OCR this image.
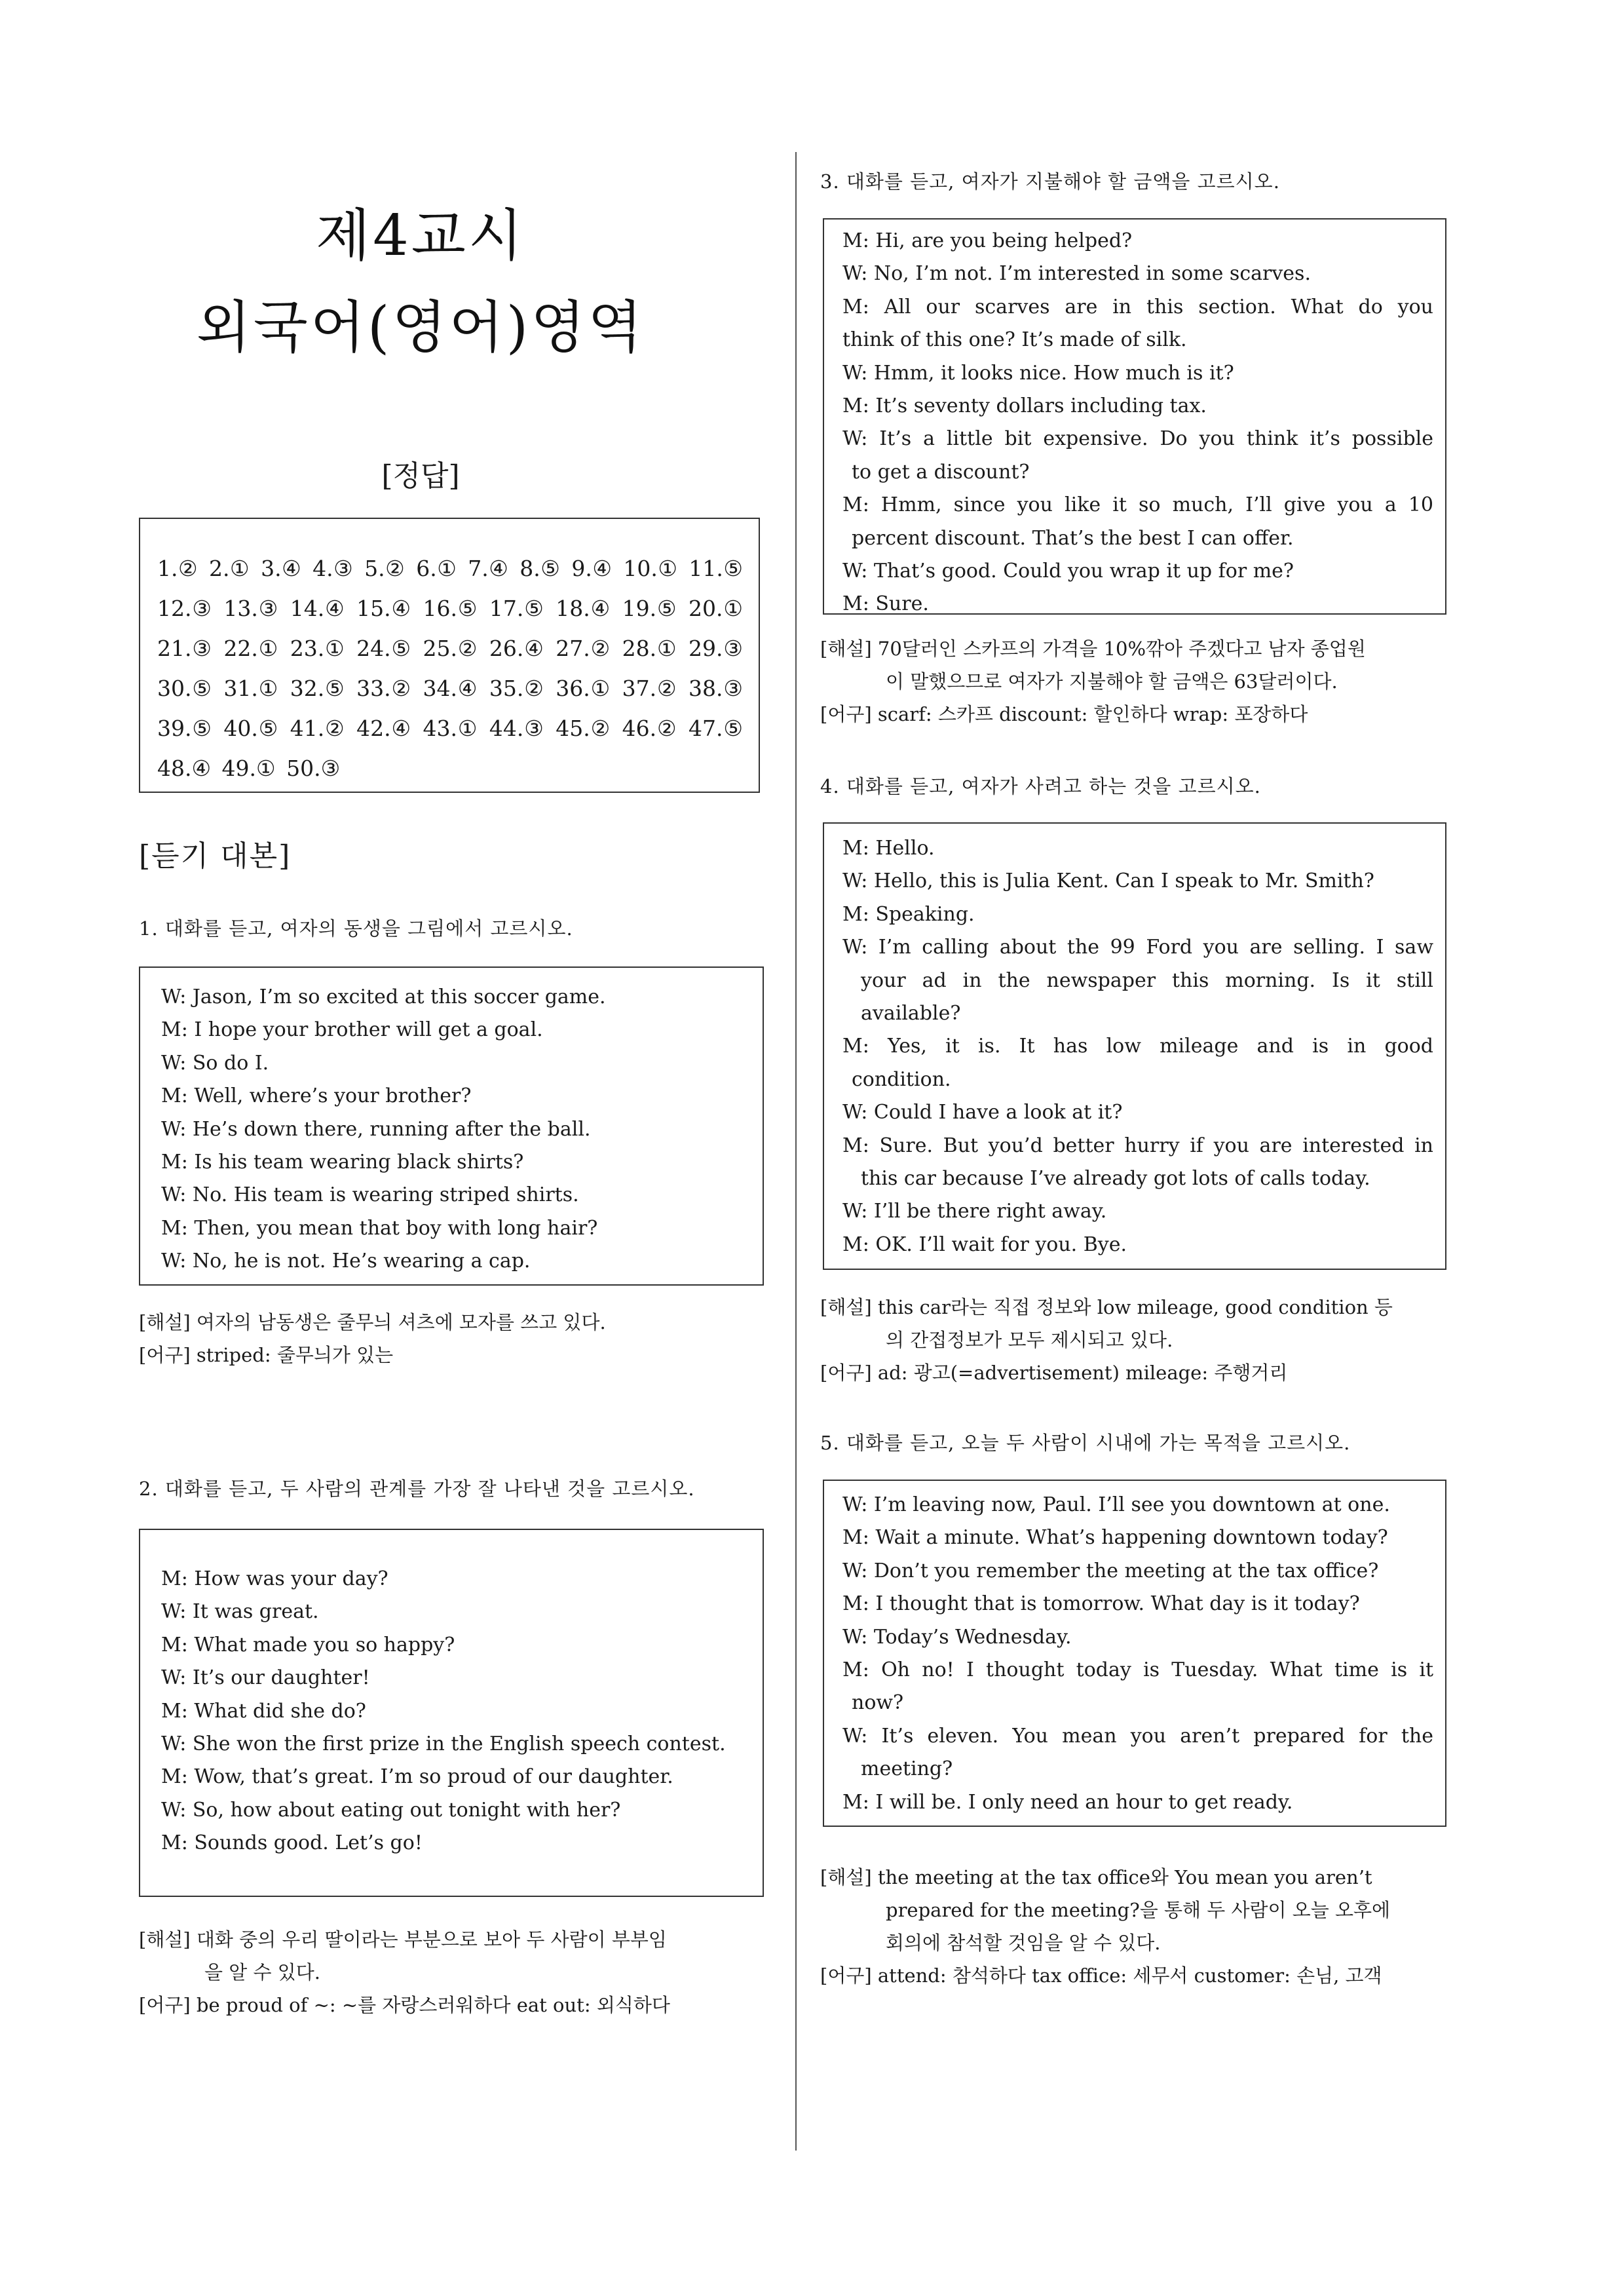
제4교시
외국어(영어)영역
[정답]
1.② 2.① 3.④ 4.③ 5.② 6.① 7.④ 8.⑤ 9.④ 10.① 11.⑤ 12.③ 13.③ 14.④ 15.④ 16.⑤ 17.⑤ 18.④ 19.⑤ 20.① 21.③ 22.① 23.① 24.⑤ 25.② 26.④ 27.② 28.① 29.③ 30.⑤ 31.① 32.⑤ 33.② 34.④ 35.② 36.① 37.② 38.③ 39.⑤ 40.⑤ 41.② 42.④ 43.① 44.③ 45.② 46.② 47.⑤ 48.④ 49.① 50.③
[듣기 대본]
1. 대화를 듣고, 여자의 동생을 그림에서 고르시오.
W: Jason, I’m so excited at this soccer game.
M: I hope your brother will get a goal.
W: So do I.
M: Well, where’s your brother?
W: He’s down there, running after the ball.
M: Is his team wearing black shirts?
W: No. His team is wearing striped shirts.
M: Then, you mean that boy with long hair?
W: No, he is not. He’s wearing a cap.
[해설] 여자의 남동생은 줄무늬 셔츠에 모자를 쓰고 있다.
[어구] striped: 줄무늬가 있는
2. 대화를 듣고, 두 사람의 관계를 가장 잘 나타낸 것을 고르시오.
M: How was your day?
W: It was great.
M: What made you so happy?
W: It’s our daughter!
M: What did she do?
W: She won the first prize in the English speech contest.
M: Wow, that’s great. I’m so proud of our daughter.
W: So, how about eating out tonight with her?
M: Sounds good. Let’s go!
[해설] 대화 중의 우리 딸이라는 부분으로 보아 두 사람이 부부임
을 알 수 있다.
[어구] be proud of ~: ~를 자랑스러워하다 eat out: 외식하다
3. 대화를 듣고, 여자가 지불해야 할 금액을 고르시오.
M: Hi, are you being helped?
W: No, I’m not. I’m interested in some scarves.
M: All our scarves are in this section. What do you
think of this one? It’s made of silk.
W: Hmm, it looks nice. How much is it?
M: It’s seventy dollars including tax.
W: It’s a little bit expensive. Do you think it’s possible
to get a discount?
M: Hmm, since you like it so much, I’ll give you a 10
percent discount. That’s the best I can offer.
W: That’s good. Could you wrap it up for me?
M: Sure.
[해설] 70달러인 스카프의 가격을 10%깎아 주겠다고 남자 종업원
이 말했으므로 여자가 지불해야 할 금액은 63달러이다.
[어구] scarf: 스카프 discount: 할인하다 wrap: 포장하다
4. 대화를 듣고, 여자가 사려고 하는 것을 고르시오.
M: Hello.
W: Hello, this is Julia Kent. Can I speak to Mr. Smith?
M: Speaking.
W: I’m calling about the 99 Ford you are selling. I saw
your ad in the newspaper this morning. Is it still
available?
M: Yes, it is. It has low mileage and is in good
condition.
W: Could I have a look at it?
M: Sure. But you’d better hurry if you are interested in
this car because I’ve already got lots of calls today.
W: I’ll be there right away.
M: OK. I’ll wait for you. Bye.
[해설] this car라는 직접 정보와 low mileage, good condition 등
의 간접정보가 모두 제시되고 있다.
[어구] ad: 광고(=advertisement) mileage: 주행거리
5. 대화를 듣고, 오늘 두 사람이 시내에 가는 목적을 고르시오.
W: I’m leaving now, Paul. I’ll see you downtown at one.
M: Wait a minute. What’s happening downtown today?
W: Don’t you remember the meeting at the tax office?
M: I thought that is tomorrow. What day is it today?
W: Today’s Wednesday.
M: Oh no! I thought today is Tuesday. What time is it
now?
W: It’s eleven. You mean you aren’t prepared for the
meeting?
M: I will be. I only need an hour to get ready.
[해설] the meeting at the tax office와 You mean you aren’t
prepared for the meeting?을 통해 두 사람이 오늘 오후에
회의에 참석할 것임을 알 수 있다.
[어구] attend: 참석하다 tax office: 세무서 customer: 손님, 고객
